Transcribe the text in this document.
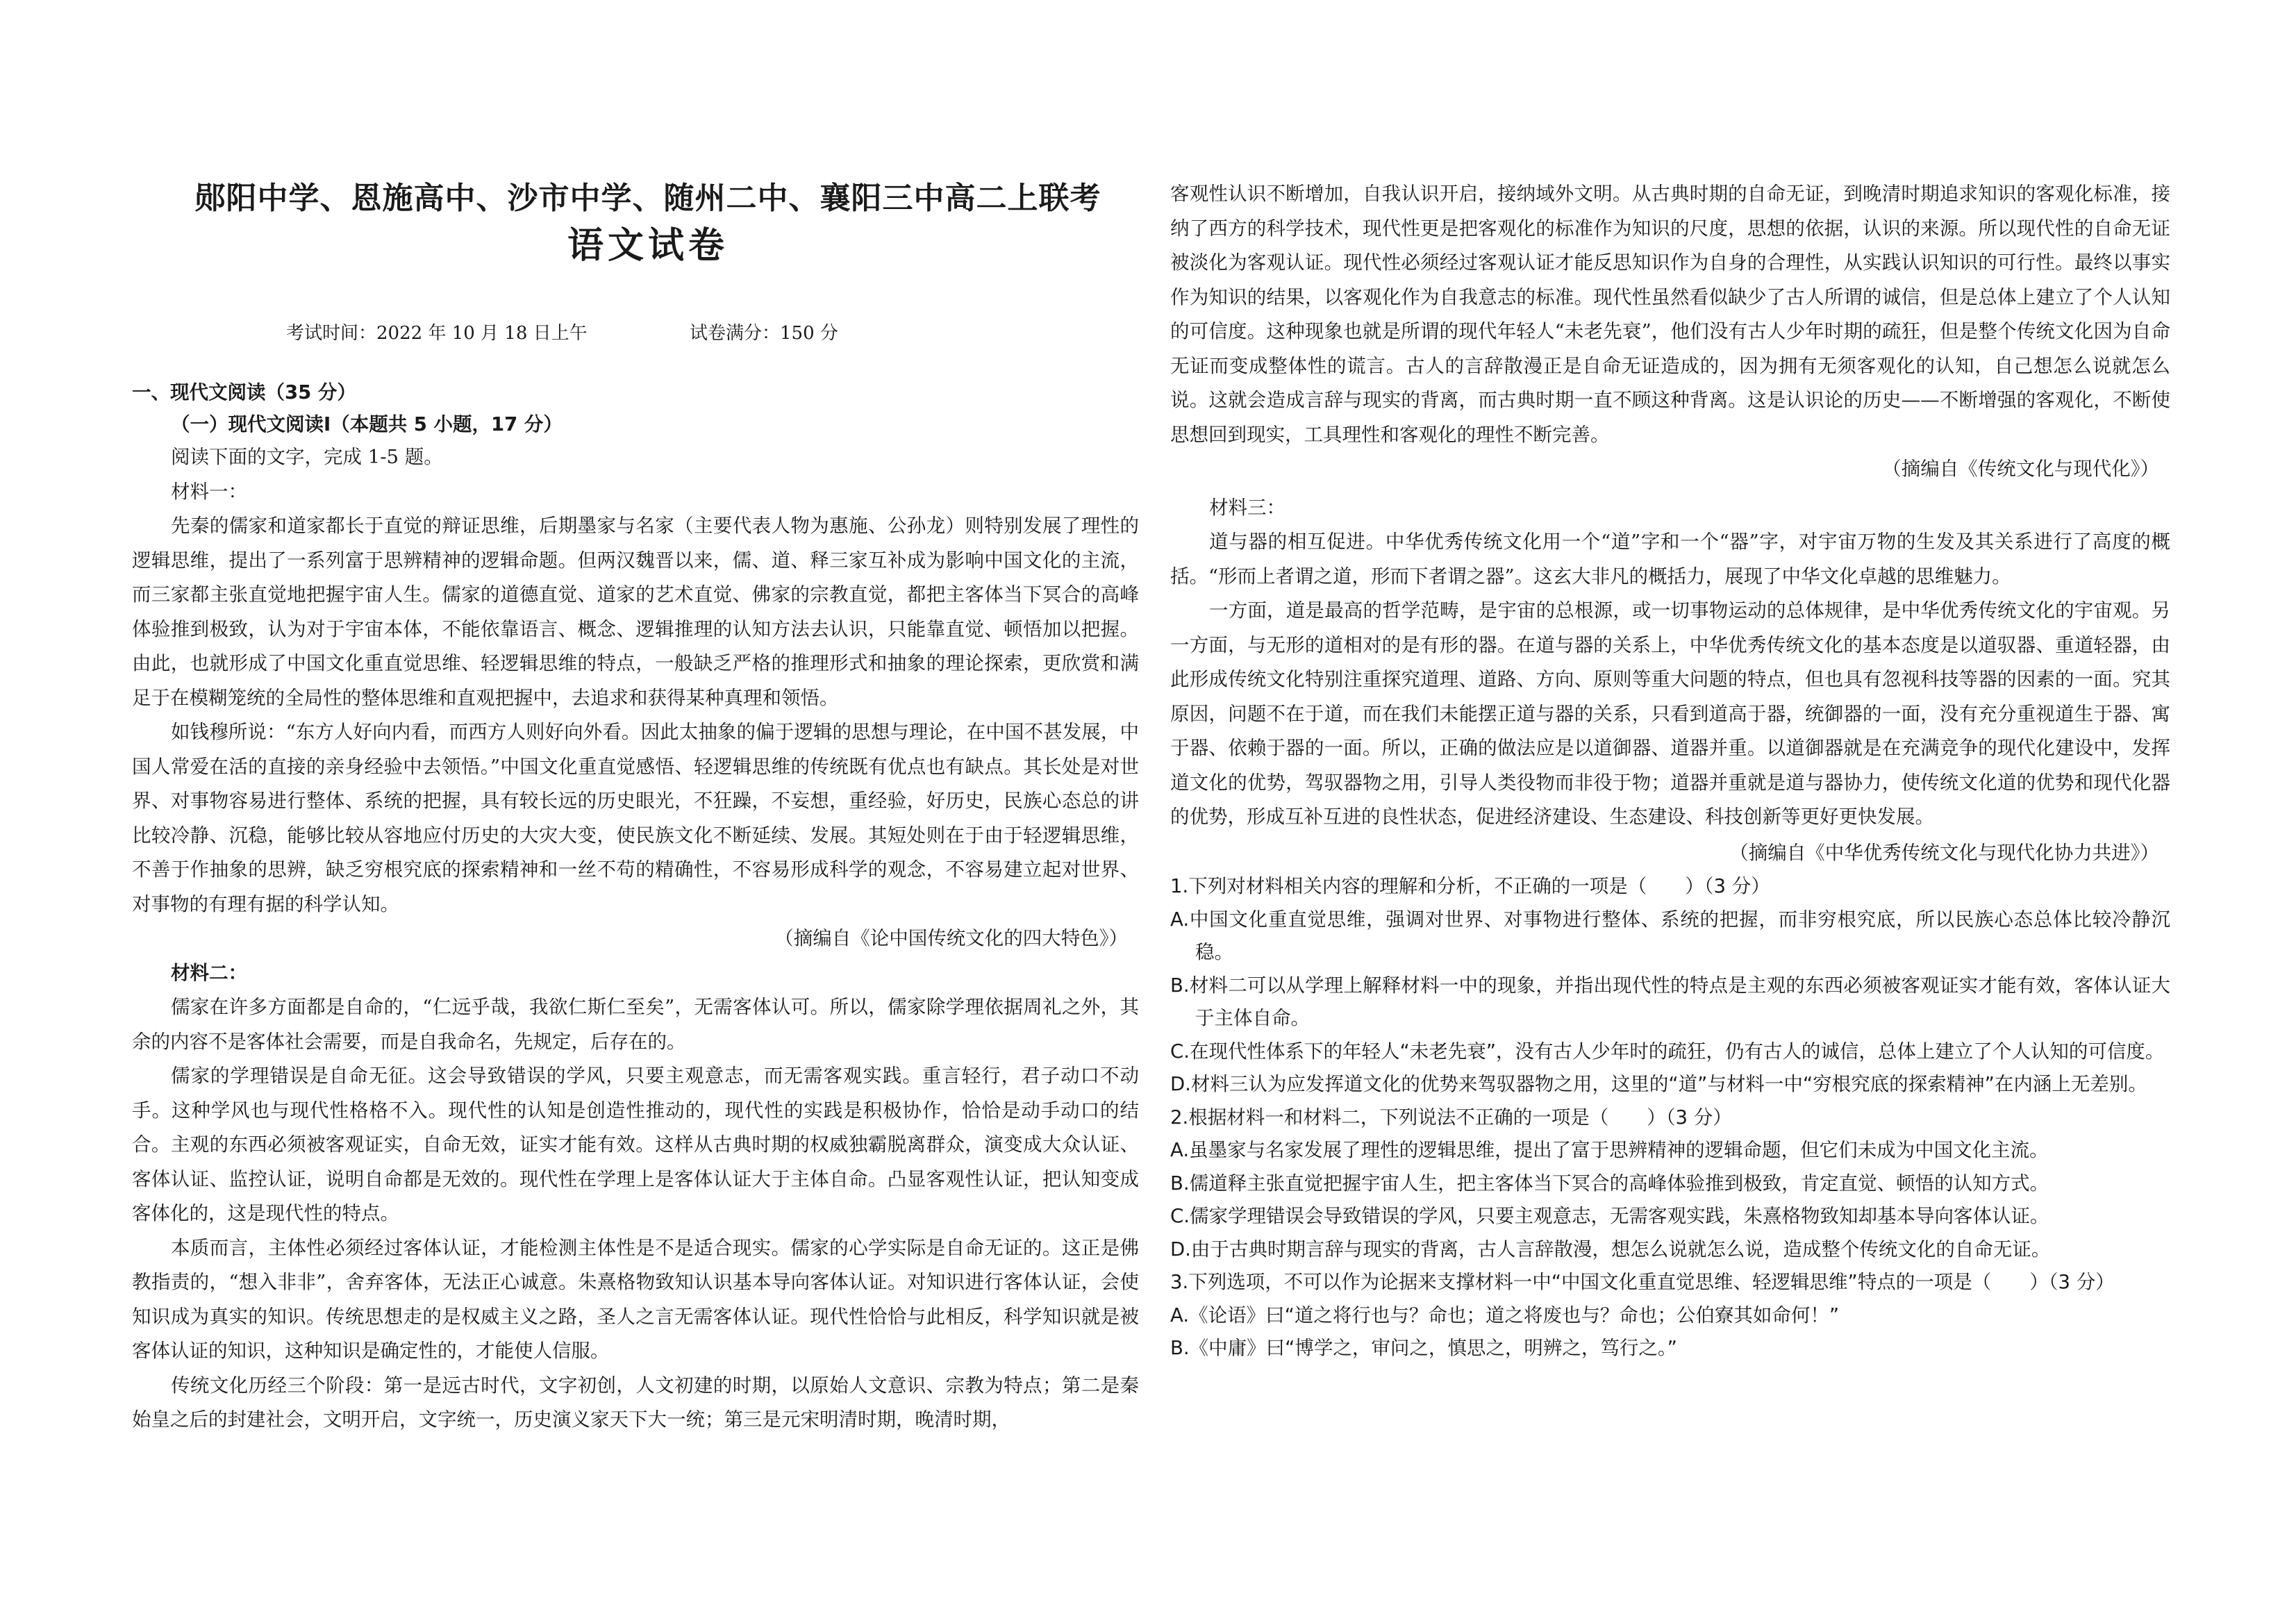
郧阳中学、恩施高中、沙市中学、随州二中、襄阳三中高二上联考
语文试卷

考试时间：2022 年 10 月 18 日上午	试卷满分：150 分

一、现代文阅读（35 分）

（一）现代文阅读Ⅰ（本题共 5 小题，17 分）

阅读下面的文字，完成 1-5 题。

材料一：

先秦的儒家和道家都长于直觉的辩证思维，后期墨家与名家（主要代表人物为惠施、公孙龙）则特别发展了理性的逻辑思维，提出了一系列富于思辨精神的逻辑命题。但两汉魏晋以来，儒、道、释三家互补成为影响中国文化的主流，而三家都主张直觉地把握宇宙人生。儒家的道德直觉、道家的艺术直觉、佛家的宗教直觉，都把主客体当下冥合的高峰体验推到极致，认为对于宇宙本体，不能依靠语言、概念、逻辑推理的认知方法去认识，只能靠直觉、顿悟加以把握。由此，也就形成了中国文化重直觉思维、轻逻辑思维的特点，一般缺乏严格的推理形式和抽象的理论探索，更欣赏和满足于在模糊笼统的全局性的整体思维和直观把握中，去追求和获得某种真理和领悟。

如钱穆所说：“东方人好向内看，而西方人则好向外看。因此太抽象的偏于逻辑的思想与理论，在中国不甚发展，中国人常爱在活的直接的亲身经验中去领悟。”中国文化重直觉感悟、轻逻辑思维的传统既有优点也有缺点。其长处是对世界、对事物容易进行整体、系统的把握，具有较长远的历史眼光，不狂躁，不妄想，重经验，好历史，民族心态总的讲比较冷静、沉稳，能够比较从容地应付历史的大灾大变，使民族文化不断延续、发展。其短处则在于由于轻逻辑思维，不善于作抽象的思辨，缺乏穷根究底的探索精神和一丝不苟的精确性，不容易形成科学的观念，不容易建立起对世界、对事物的有理有据的科学认知。

（摘编自《论中国传统文化的四大特色》）

材料二：

儒家在许多方面都是自命的，“仁远乎哉，我欲仁斯仁至矣”，无需客体认可。所以，儒家除学理依据周礼之外，其余的内容不是客体社会需要，而是自我命名，先规定，后存在的。

儒家的学理错误是自命无征。这会导致错误的学风，只要主观意志，而无需客观实践。重言轻行，君子动口不动手。这种学风也与现代性格格不入。现代性的认知是创造性推动的，现代性的实践是积极协作，恰恰是动手动口的结合。主观的东西必须被客观证实，自命无效，证实才能有效。这样从古典时期的权威独霸脱离群众，演变成大众认证、客体认证、监控认证，说明自命都是无效的。现代性在学理上是客体认证大于主体自命。凸显客观性认证，把认知变成客体化的，这是现代性的特点。

本质而言，主体性必须经过客体认证，才能检测主体性是不是适合现实。儒家的心学实际是自命无证的。这正是佛教指责的，“想入非非”，舍弃客体，无法正心诚意。朱熹格物致知认识基本导向客体认证。对知识进行客体认证，会使知识成为真实的知识。传统思想走的是权威主义之路，圣人之言无需客体认证。现代性恰恰与此相反，科学知识就是被客体认证的知识，这种知识是确定性的，才能使人信服。

传统文化历经三个阶段：第一是远古时代，文字初创，人文初建的时期，以原始人文意识、宗教为特点；第二是秦始皇之后的封建社会，文明开启，文字统一，历史演义家天下大一统；第三是元宋明清时期，晚清时期，

客观性认识不断增加，自我认识开启，接纳域外文明。从古典时期的自命无证，到晚清时期追求知识的客观化标准，接纳了西方的科学技术，现代性更是把客观化的标准作为知识的尺度，思想的依据，认识的来源。所以现代性的自命无证被淡化为客观认证。现代性必须经过客观认证才能反思知识作为自身的合理性，从实践认识知识的可行性。最终以事实作为知识的结果，以客观化作为自我意志的标准。现代性虽然看似缺少了古人所谓的诚信，但是总体上建立了个人认知的可信度。这种现象也就是所谓的现代年轻人“未老先衰”，他们没有古人少年时期的疏狂，但是整个传统文化因为自命无证而变成整体性的谎言。古人的言辞散漫正是自命无证造成的，因为拥有无须客观化的认知，自己想怎么说就怎么说。这就会造成言辞与现实的背离，而古典时期一直不顾这种背离。这是认识论的历史——不断增强的客观化，不断使思想回到现实，工具理性和客观化的理性不断完善。

（摘编自《传统文化与现代化》）

材料三：

道与器的相互促进。中华优秀传统文化用一个“道”字和一个“器”字，对宇宙万物的生发及其关系进行了高度的概括。“形而上者谓之道，形而下者谓之器”。这玄大非凡的概括力，展现了中华文化卓越的思维魅力。

一方面，道是最高的哲学范畴，是宇宙的总根源，或一切事物运动的总体规律，是中华优秀传统文化的宇宙观。另一方面，与无形的道相对的是有形的器。在道与器的关系上，中华优秀传统文化的基本态度是以道驭器、重道轻器，由此形成传统文化特别注重探究道理、道路、方向、原则等重大问题的特点，但也具有忽视科技等器的因素的一面。究其原因，问题不在于道，而在我们未能摆正道与器的关系，只看到道高于器，统御器的一面，没有充分重视道生于器、寓于器、依赖于器的一面。所以，正确的做法应是以道御器、道器并重。以道御器就是在充满竞争的现代化建设中，发挥道文化的优势，驾驭器物之用，引导人类役物而非役于物；道器并重就是道与器协力，使传统文化道的优势和现代化器的优势，形成互补互进的良性状态，促进经济建设、生态建设、科技创新等更好更快发展。

（摘编自《中华优秀传统文化与现代化协力共进》）

1.下列对材料相关内容的理解和分析，不正确的一项是（　　）（3 分）

A.中国文化重直觉思维，强调对世界、对事物进行整体、系统的把握，而非穷根究底，所以民族心态总体比较冷静沉稳。

B.材料二可以从学理上解释材料一中的现象，并指出现代性的特点是主观的东西必须被客观证实才能有效，客体认证大于主体自命。

C.在现代性体系下的年轻人“未老先衰”，没有古人少年时的疏狂，仍有古人的诚信，总体上建立了个人认知的可信度。

D.材料三认为应发挥道文化的优势来驾驭器物之用，这里的“道”与材料一中“穷根究底的探索精神”在内涵上无差别。

2.根据材料一和材料二，下列说法不正确的一项是（　　）（3 分）

A.虽墨家与名家发展了理性的逻辑思维，提出了富于思辨精神的逻辑命题，但它们未成为中国文化主流。

B.儒道释主张直觉把握宇宙人生，把主客体当下冥合的高峰体验推到极致，肯定直觉、顿悟的认知方式。

C.儒家学理错误会导致错误的学风，只要主观意志，无需客观实践，朱熹格物致知却基本导向客体认证。

D.由于古典时期言辞与现实的背离，古人言辞散漫，想怎么说就怎么说，造成整个传统文化的自命无证。

3.下列选项，不可以作为论据来支撑材料一中“中国文化重直觉思维、轻逻辑思维”特点的一项是（　　）（3 分）

A.《论语》曰“道之将行也与？命也；道之将废也与？命也；公伯寮其如命何！”

B.《中庸》曰“博学之，审问之，慎思之，明辨之，笃行之。”
